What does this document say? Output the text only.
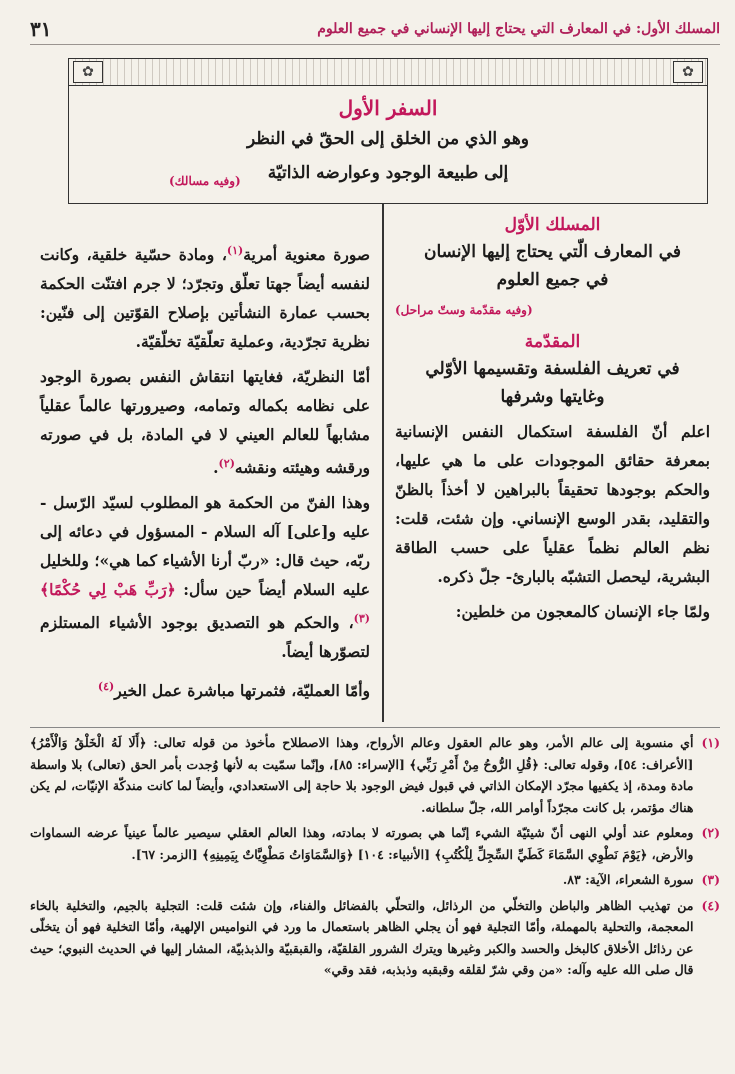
المسلك الأول: في المعارف التي يحتاج إليها الإنساني في جميع العلوم
٣١
✿	✿
السفر الأول
وهو الذي من الخلق إلى الحقّ في النظر
إلى طبيعة الوجود وعوارضه الذاتيّة
(وفيه مسالك)
المسلك الأوّل
في المعارف الّتي يحتاج إليها الإنسان
في جميع العلوم
(وفيه مقدّمة وستّ مراحل)
المقدّمة
في تعريف الفلسفة وتقسيمها الأوّلي
وغايتها وشرفها

اعلم أنّ الفلسفة استكمال النفس الإنسانية بمعرفة حقائق الموجودات على ما هي عليها، والحكم بوجودها تحقيقاً بالبراهين لا أخذاً بالظنّ والتقليد، بقدر الوسع الإنساني. وإن شئت، قلت: نظم العالم نظماً عقلياً على حسب الطاقة البشرية، ليحصل التشبّه بالبارئ- جلّ ذكره.

ولمّا جاء الإنسان كالمعجون من خلطين:

صورة معنوية أمرية$^{(١)}$، ومادة حسّية خلقية، وكانت لنفسه أيضاً جهتا تعلّق وتجرّد؛ لا جرم افتنّت الحكمة بحسب عمارة النشأتين بإصلاح القوّتين إلى فنّين: نظرية تجرّدية، وعملية تعلّقيّة تخلّقيّة.

أمّا النظريّة، فغايتها انتقاش النفس بصورة الوجود على نظامه بكماله وتمامه، وصيرورتها عالماً عقلياً مشابهاً للعالم العيني لا في المادة، بل في صورته ورقشه وهيئته ونقشه$^{(٢)}$.

وهذا الفنّ من الحكمة هو المطلوب لسيّد الرّسل - عليه و[على] آله السلام - المسؤول في دعائه إلى ربّه، حيث قال: «ربّ أرنا الأشياء كما هي»؛ وللخليل عليه السلام أيضاً حين سأل: ﴿رَبِّ هَبْ لِي حُكْمًا﴾$^{(٣)}$، والحكم هو التصديق بوجود الأشياء المستلزم لتصوّرها أيضاً.

وأمّا العمليّة، فثمرتها مباشرة عمل الخير$^{(٤)}$

(١)
أي منسوبة إلى عالم الأمر، وهو عالم العقول وعالم الأرواح، وهذا الاصطلاح مأخوذ من قوله تعالى: ﴿أَلَا لَهُ الْخَلْقُ وَالْأَمْرُ﴾ [الأعراف: ٥٤]، وقوله تعالى: ﴿قُلِ الرُّوحُ مِنْ أَمْرِ رَبِّي﴾ [الإسراء: ٨٥]، وإنّما سمّيت به لأنها وُجدت بأمر الحق (تعالى) بلا واسطة مادة ومدة، إذ يكفيها مجرّد الإمكان الذاتي في قبول فيض الوجود بلا حاجة إلى الاستعدادي، وأيضاً لما كانت مندكّة الإنيّات، لم يكن هناك مؤتمر، بل كانت مجرّداً أوامر الله، جلّ سلطانه.
(٢)
ومعلوم عند أولي النهى أنّ شيئيّة الشيء إنّما هي بصورته لا بمادته، وهذا العالم العقلي سيصير عالماً عينياً عرضه السماوات والأرض، ﴿يَوْمَ نَطْوِي السَّمَاءَ كَطَيِّ السِّجِلِّ لِلْكُتُبِ﴾ [الأنبياء: ١٠٤] ﴿وَالسَّمَاوَاتُ مَطْوِيَّاتٌ بِيَمِينِهِ﴾ [الزمر: ٦٧].
(٣)
سورة الشعراء، الآية: ٨٣.
(٤)
من تهذيب الظاهر والباطن والتخلّي من الرذائل، والتحلّي بالفضائل والفناء، وإن شئت قلت: التجلية بالجيم، والتخلية بالخاء المعجمة، والتحلية بالمهملة، وأمّا التجلية فهو أن يجلي الظاهر باستعمال ما ورد في النواميس الإلهية، وأمّا التخلية فهو أن يتخلّى عن رذائل الأخلاق كالبخل والحسد والكبر وغيرها ويترك الشرور القلقيّة، والقبقبيّة والذبذبيّة، المشار إليها في الحديث النبوي؛ حيث قال صلى الله عليه وآله: «من وقي شرّ لقلقه وقبقبه وذبذبه، فقد وقي»
